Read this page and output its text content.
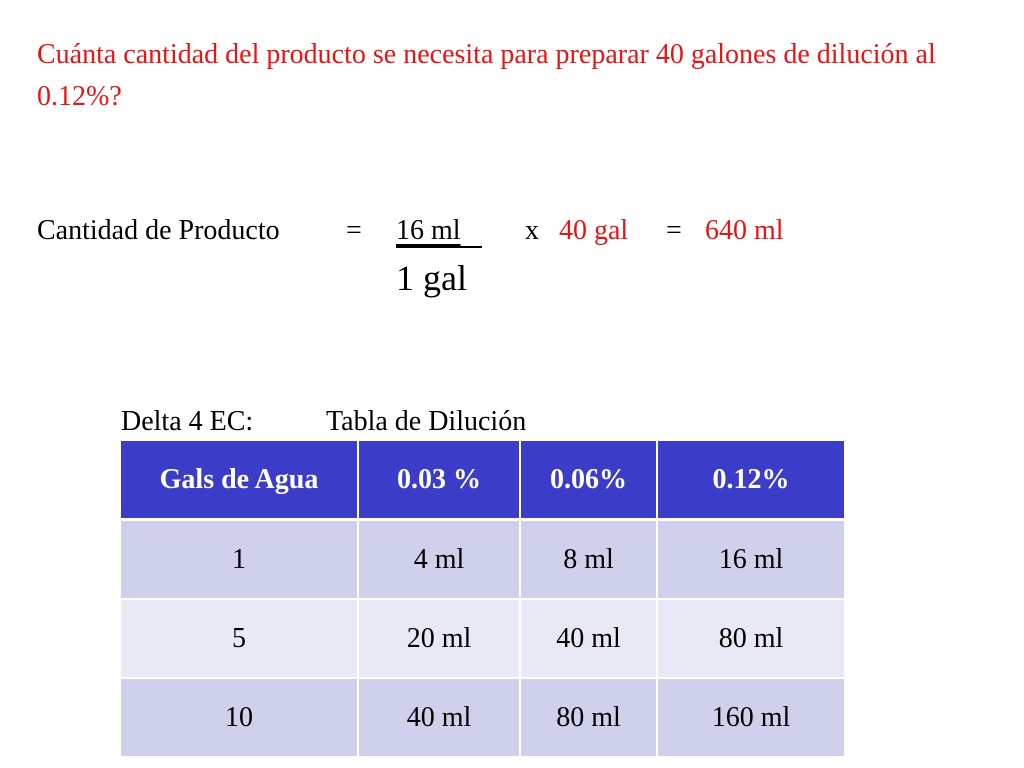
Cuánta cantidad del producto se necesita para preparar 40 galones de dilución al 0.12%?
Cantidad de Producto = 16 ml x 40 gal = 640 ml
1 gal
Delta 4 EC:	Tabla de Dilución
Gals de Agua	0.03 %	0.06%	0.12%
1	4 ml	8 ml	16 ml
5	20 ml	40 ml	80 ml
10	40 ml	80 ml	160 ml
